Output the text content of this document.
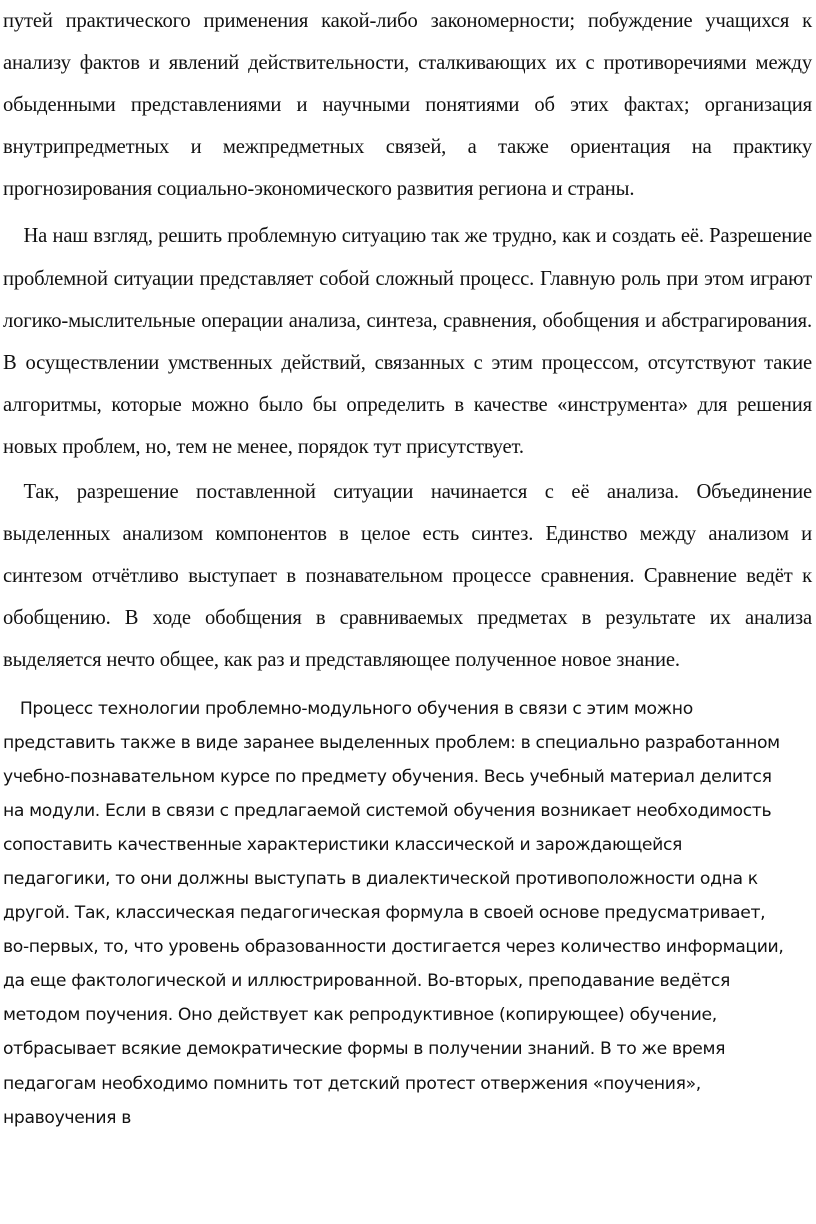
путей практического применения какой-либо закономерности; побуждение учащихся к анализу фактов и явлений действительности, сталкивающих их с противоречиями между обыденными представлениями и научными понятиями об этих фактах; организация внутрипредметных и межпредметных связей, а также ориентация на практику прогнозирования социально-экономического развития региона и страны.

 На наш взгляд, решить проблемную ситуацию так же трудно, как и создать её. Разрешение проблемной ситуации представляет собой сложный процесс. Главную роль при этом играют логико-мыслительные операции анализа, синтеза, сравнения, обобщения и абстрагирования. В осуществлении умственных действий, связанных с этим процессом, отсутствуют такие алгоритмы, которые можно было бы определить в качестве «инструмента» для решения новых проблем, но, тем не менее, порядок тут присутствует.

 Так, разрешение поставленной ситуации начинается с её анализа. Объединение выделенных анализом компонентов в целое есть синтез. Единство между анализом и синтезом отчётливо выступает в познавательном процессе сравнения. Сравнение ведёт к обобщению. В ходе обобщения в сравниваемых предметах в результате их анализа выделяется нечто общее, как раз и представляющее полученное новое знание.

 Процесс технологии проблемно-модульного обучения в связи с этим можно представить также в виде заранее выделенных проблем: в специально разработанном учебно-познавательном курсе по предмету обучения. Весь учебный материал делится на модули. Если в связи с предлагаемой системой обучения возникает необходимость сопоставить качественные характеристики классической и зарождающейся педагогики, то они должны выступать в диалектической противоположности одна к другой. Так, классическая педагогическая формула в своей основе предусматривает, во-первых, то, что уровень образованности достигается через количество информации, да еще фактологической и иллюстрированной. Во-вторых, преподавание ведётся методом поучения. Оно действует как репродуктивное (копирующее) обучение, отбрасывает всякие демократические формы в получении знаний. В то же время педагогам необходимо помнить тот детский протест отвержения «поучения», нравоучения в
